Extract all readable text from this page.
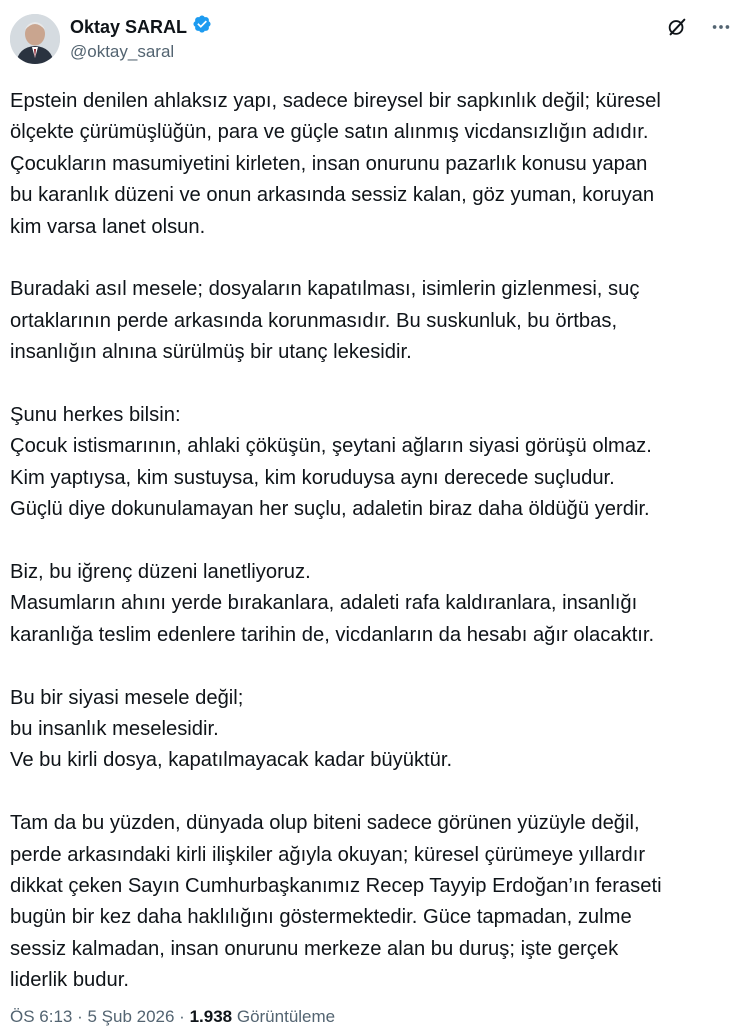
Oktay SARAL
@oktay_saral
Epstein denilen ahlaksız yapı, sadece bireysel bir sapkınlık değil; küresel
ölçekte çürümüşlüğün, para ve güçle satın alınmış vicdansızlığın adıdır.
Çocukların masumiyetini kirleten, insan onurunu pazarlık konusu yapan
bu karanlık düzeni ve onun arkasında sessiz kalan, göz yuman, koruyan
kim varsa lanet olsun.
Buradaki asıl mesele; dosyaların kapatılması, isimlerin gizlenmesi, suç
ortaklarının perde arkasında korunmasıdır. Bu suskunluk, bu örtbas,
insanlığın alnına sürülmüş bir utanç lekesidir.
Şunu herkes bilsin:
Çocuk istismarının, ahlaki çöküşün, şeytani ağların siyasi görüşü olmaz.
Kim yaptıysa, kim sustuysa, kim koruduysa aynı derecede suçludur.
Güçlü diye dokunulamayan her suçlu, adaletin biraz daha öldüğü yerdir.
Biz, bu iğrenç düzeni lanetliyoruz.
Masumların ahını yerde bırakanlara, adaleti rafa kaldıranlara, insanlığı
karanlığa teslim edenlere tarihin de, vicdanların da hesabı ağır olacaktır.
Bu bir siyasi mesele değil;
bu insanlık meselesidir.
Ve bu kirli dosya, kapatılmayacak kadar büyüktür.
Tam da bu yüzden, dünyada olup biteni sadece görünen yüzüyle değil,
perde arkasındaki kirli ilişkiler ağıyla okuyan; küresel çürümeye yıllardır
dikkat çeken Sayın Cumhurbaşkanımız Recep Tayyip Erdoğan’ın feraseti
bugün bir kez daha haklılığını göstermektedir. Güce tapmadan, zulme
sessiz kalmadan, insan onurunu merkeze alan bu duruş; işte gerçek
liderlik budur.
ÖS 6:13 · 5 Şub 2026 · 1.938 Görüntüleme
